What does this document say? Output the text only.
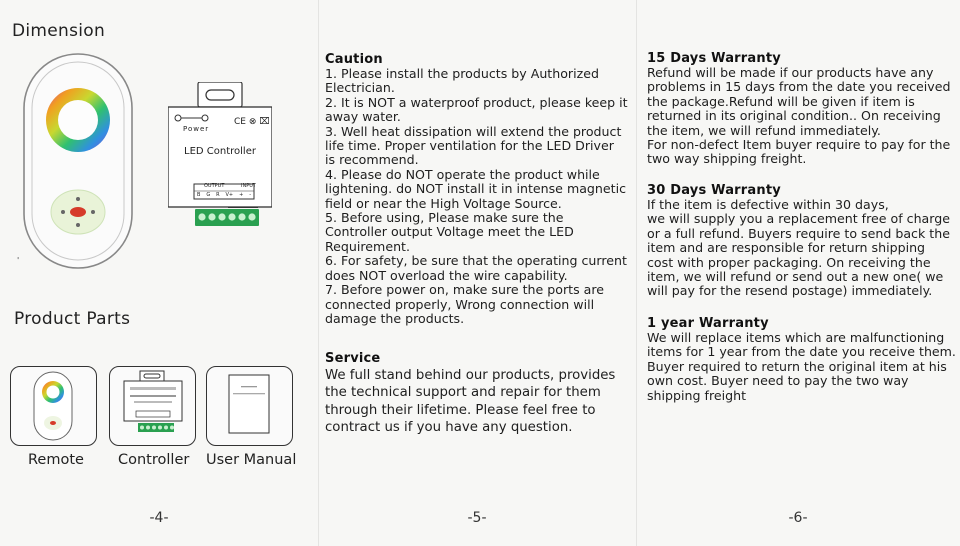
Dimension
'
Power
CE ⊗ ⌧
LED Controller
OUTPUT	INPUT
B G R V+ + -
Product Parts
Remote Controller User Manual
-4-

Caution

1. Please install the products by Authorized
Electrician.
2. It is NOT a waterproof product, please keep it
away water.
3. Well heat dissipation will extend the product
life time. Proper ventilation for the LED Driver
is recommend.
4. Please do NOT operate the product while
lightening. do NOT install it in intense magnetic
field or near the High Voltage Source.
5. Before using, Please make sure the
Controller output Voltage meet the LED
Requirement.
6. For safety, be sure that the operating current
does NOT overload the wire capability.
7. Before power on, make sure the ports are
connected properly, Wrong connection will
damage the products.

Service

We full stand behind our products, provides
the technical support and repair for them
through their lifetime. Please feel free to
contract us if you have any question.

-5-

15 Days Warranty

Refund will be made if our products have any
problems in 15 days from the date you received
the package.Refund will be given if item is
returned in its original condition.. On receiving
the item, we will refund immediately.
For non-defect Item buyer require to pay for the
two way shipping freight.

30 Days Warranty

If the item is defective within 30 days,
we will supply you a replacement free of charge
or a full refund. Buyers require to send back the
item and are responsible for return shipping
cost with proper packaging. On receiving the
item, we will refund or send out a new one( we
will pay for the resend postage) immediately.

1 year Warranty

We will replace items which are malfunctioning
items for 1 year from the date you receive them.
Buyer required to return the original item at his
own cost. Buyer need to pay the two way
shipping freight

-6-
